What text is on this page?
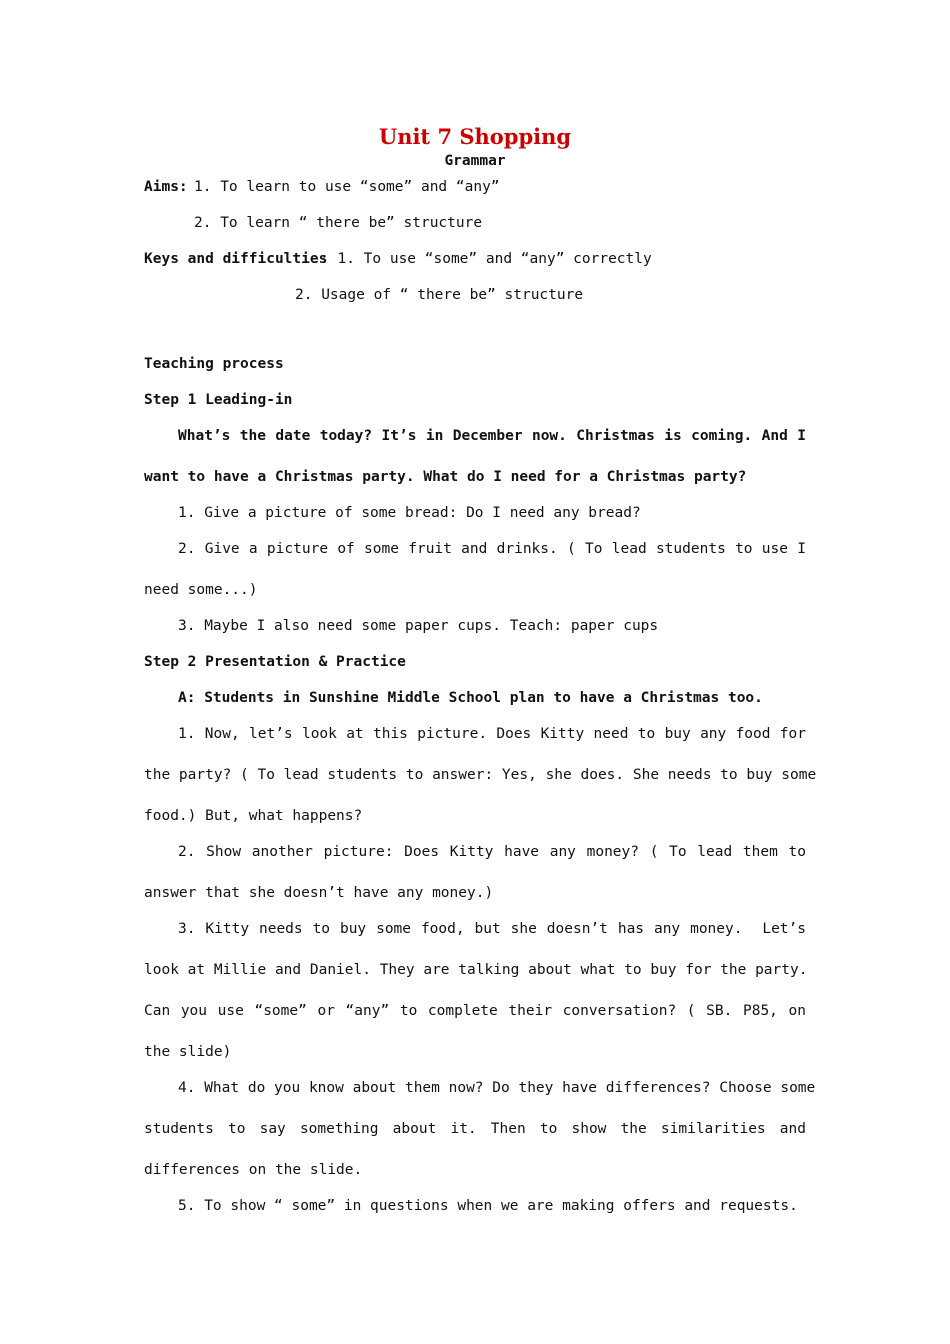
Unit 7 Shopping
Grammar
Aims: 1. To learn to use “some” and “any”
2. To learn “ there be” structure
Keys and difficulties
: 1. To use “some” and “any” correctly
2. Usage of “ there be” structure
Teaching process
Step 1 Leading-in
What’s the date today? It’s in December now. Christmas is coming. And I
want to have a Christmas party. What do I need for a Christmas party?
1. Give a picture of some bread: Do I need any bread?
2. Give a picture of some fruit and drinks. ( To lead students to use I
need some...)
3. Maybe I also need some paper cups. Teach: paper cups
Step 2 Presentation & Practice
A: Students in Sunshine Middle School plan to have a Christmas too.
1. Now, let’s look at this picture. Does Kitty need to buy any food for
the party? ( To lead students to answer: Yes, she does. She needs to buy some
food.) But, what happens?
2. Show another picture: Does Kitty have any money? ( To lead them to
answer that she doesn’t have any money.)
3. Kitty needs to buy some food, but she doesn’t has any money.  Let’s
look at Millie and Daniel. They are talking about what to buy for the party.
Can you use “some” or “any” to complete their conversation? ( SB. P85, on
the slide)
4. What do you know about them now? Do they have differences? Choose some
students to say something about it. Then to show the similarities and
differences on the slide.
5. To show “ some” in questions when we are making offers and requests.
